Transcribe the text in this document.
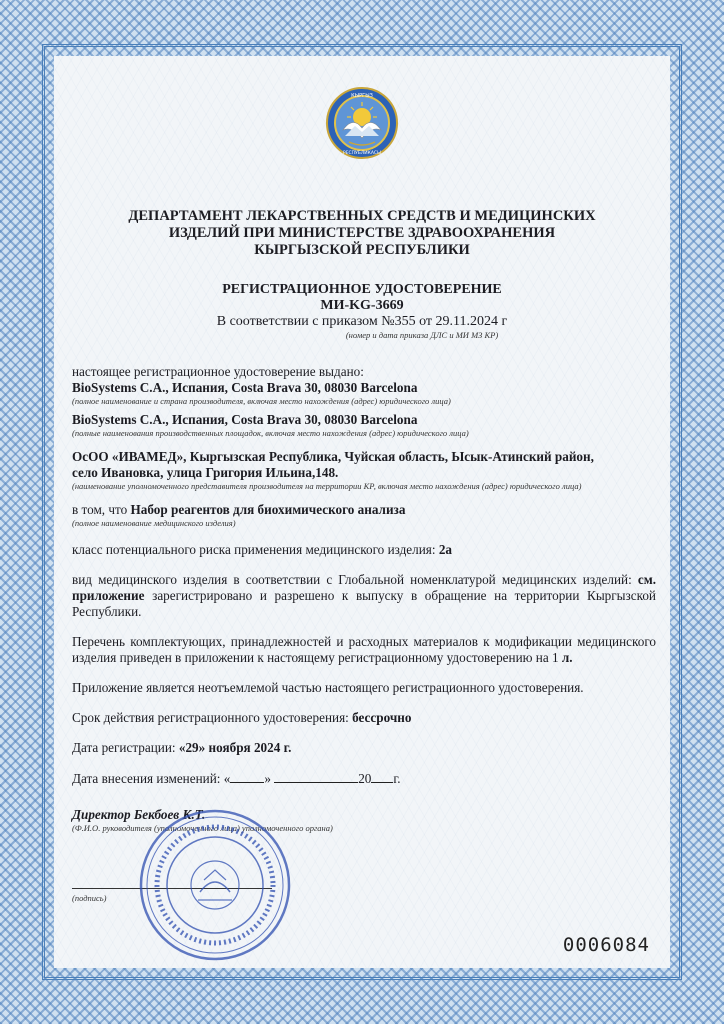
КЫРГЫЗ
РЕСПУБЛИКАСЫ
ДЕПАРТАМЕНТ ЛЕКАРСТВЕННЫХ СРЕДСТВ И МЕДИЦИНСКИХ
ИЗДЕЛИЙ ПРИ МИНИСТЕРСТВЕ ЗДРАВООХРАНЕНИЯ
КЫРГЫЗСКОЙ РЕСПУБЛИКИ
РЕГИСТРАЦИОННОЕ УДОСТОВЕРЕНИЕ
МИ-KG-3669
В соответствии с приказом №355 от 29.11.2024 г
(номер и дата приказа ДЛС и МИ МЗ КР)

настоящее регистрационное удостоверение выдано:

BioSystems С.А., Испания, Costa Brava 30, 08030 Barcelona

(полное наименование и страна производителя, включая место нахождения (адрес) юридического лица)

BioSystems С.А., Испания, Costa Brava 30, 08030 Barcelona

(полные наименования производственных площадок, включая место нахождения (адрес) юридического лица)

ОсОО «ИВАМЕД», Кыргызская Республика, Чуйская область, Ысык-Атинский район,

село Ивановка, улица Григория Ильина,148.

(наименование уполномоченного представителя производителя на территории КР, включая место нахождения (адрес) юридического лица)

в том, что Набор реагентов для биохимического анализа

(полное наименование медицинского изделия)

класс потенциального риска применения медицинского изделия: 2а

вид медицинского изделия в соответствии с Глобальной номенклатурой медицинских изделий: см. приложение зарегистрировано и разрешено к выпуску в обращение на территории Кыргызской Республики.

Перечень комплектующих, принадлежностей и расходных материалов к модификации медицинского изделия приведен в приложении к настоящему регистрационному удостоверению на 1 л.

Приложение является неотъемлемой частью настоящего регистрационного удостоверения.

Срок действия регистрационного удостоверения: бессрочно

Дата регистрации: «29» ноября 2024 г.

Дата внесения изменений: «	»	20 г.

Директор Бекбоев К.Т.

(Ф.И.О. руководителя (уполномоченного лица) уполномоченного органа)

(подпись)
0006084
